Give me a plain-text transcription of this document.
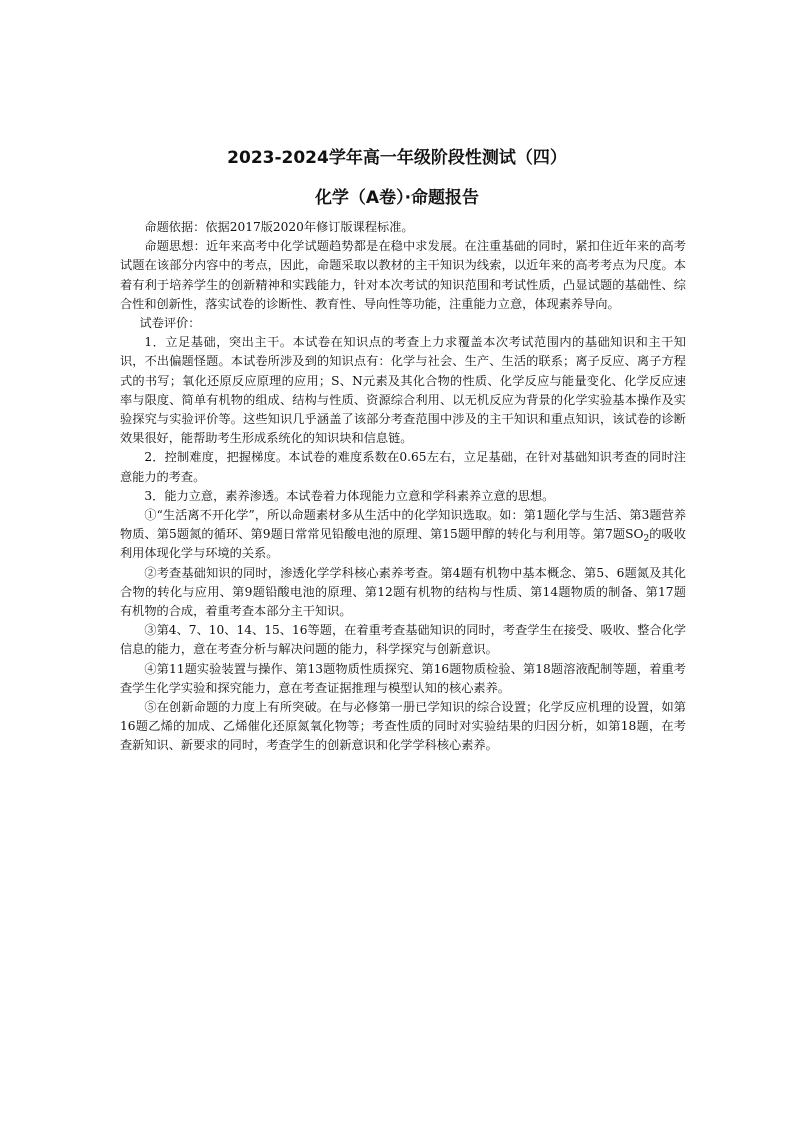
2023-2024学年高一年级阶段性测试（四）
化学（A卷）·命题报告

命题依据：依据2017版2020年修订版课程标准。

命题思想：近年来高考中化学试题趋势都是在稳中求发展。在注重基础的同时，紧扣住近年来的高考试题在该部分内容中的考点，因此，命题采取以教材的主干知识为线索，以近年来的高考考点为尺度。本着有利于培养学生的创新精神和实践能力，针对本次考试的知识范围和考试性质，凸显试题的基础性、综合性和创新性，落实试卷的诊断性、教育性、导向性等功能，注重能力立意，体现素养导向。

试卷评价：

1．立足基础，突出主干。本试卷在知识点的考查上力求覆盖本次考试范围内的基础知识和主干知识，不出偏题怪题。本试卷所涉及到的知识点有：化学与社会、生产、生活的联系；离子反应、离子方程式的书写；氧化还原反应原理的应用；S、N元素及其化合物的性质、化学反应与能量变化、化学反应速率与限度、简单有机物的组成、结构与性质、资源综合利用、以无机反应为背景的化学实验基本操作及实验探究与实验评价等。这些知识几乎涵盖了该部分考查范围中涉及的主干知识和重点知识，该试卷的诊断效果很好，能帮助考生形成系统化的知识块和信息链。

2．控制难度，把握梯度。本试卷的难度系数在0.65左右，立足基础，在针对基础知识考查的同时注意能力的考查。

3．能力立意，素养渗透。本试卷着力体现能力立意和学科素养立意的思想。

①“生活离不开化学”，所以命题素材多从生活中的化学知识选取。如：第1题化学与生活、第3题营养物质、第5题氮的循环、第9题日常常见铅酸电池的原理、第15题甲醇的转化与利用等。第7题$SO_2$的吸收利用体现化学与环境的关系。

②考查基础知识的同时，渗透化学学科核心素养考查。第4题有机物中基本概念、第5、6题氮及其化合物的转化与应用、第9题铅酸电池的原理、第12题有机物的结构与性质、第14题物质的制备、第17题有机物的合成，着重考查本部分主干知识。

③第4、7、10、14、15、16等题，在着重考查基础知识的同时，考查学生在接受、吸收、整合化学信息的能力，意在考查分析与解决问题的能力，科学探究与创新意识。

④第11题实验装置与操作、第13题物质性质探究、第16题物质检验、第18题溶液配制等题，着重考查学生化学实验和探究能力，意在考查证据推理与模型认知的核心素养。

⑤在创新命题的力度上有所突破。在与必修第一册已学知识的综合设置；化学反应机理的设置，如第16题乙烯的加成、乙烯催化还原氮氧化物等；考查性质的同时对实验结果的归因分析，如第18题，在考查新知识、新要求的同时，考查学生的创新意识和化学学科核心素养。
